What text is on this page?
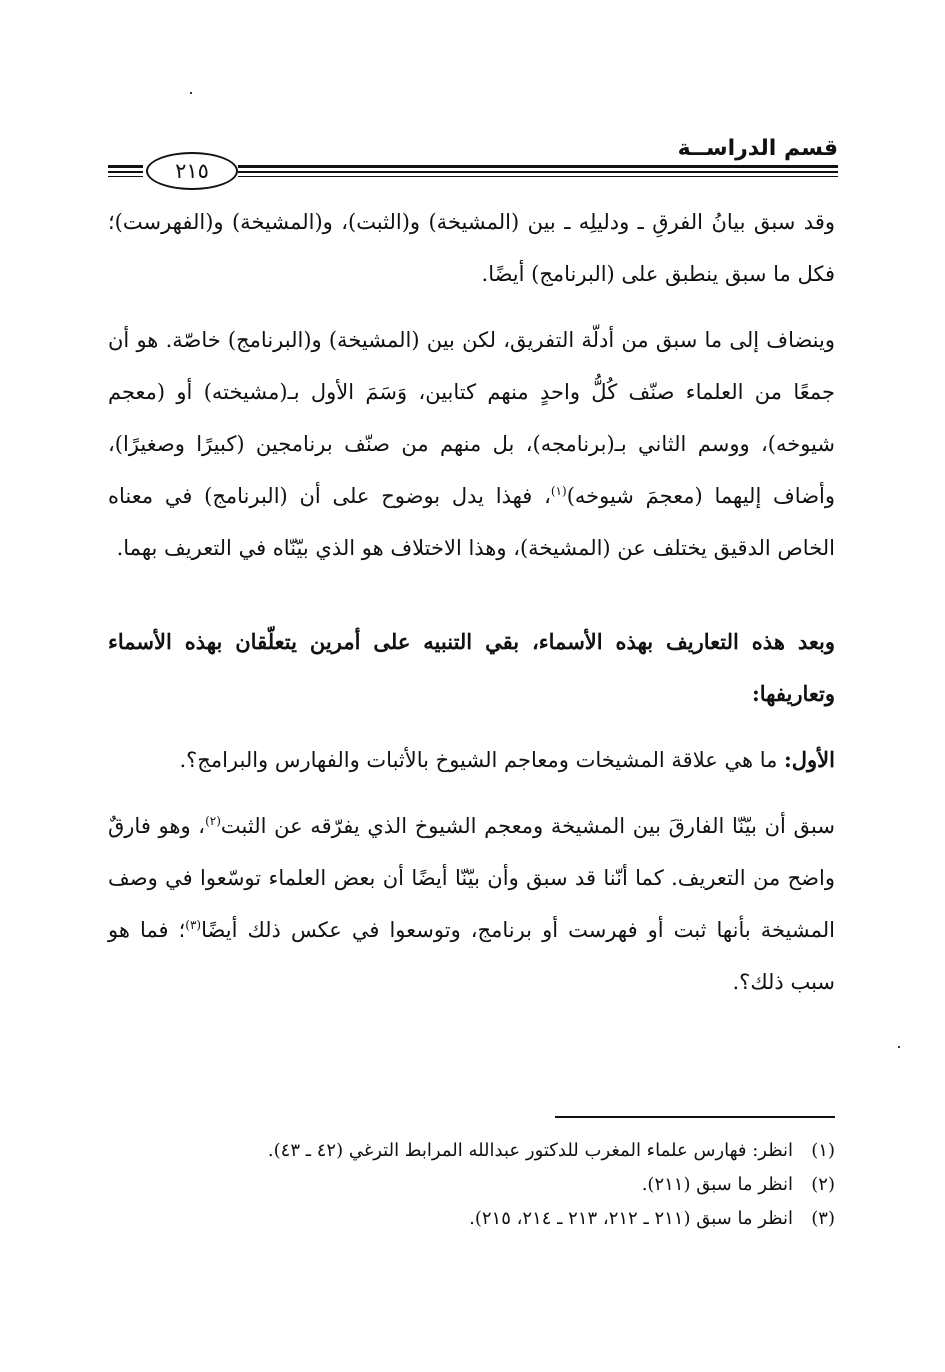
قسم الدراســة
٢١٥

وقد سبق بيانُ الفرقِ ـ ودليلِه ـ بين (المشيخة) و(الثبت)، و(المشيخة) و(الفهرست)؛ فكل ما سبق ينطبق على (البرنامج) أيضًا.

وينضاف إلى ما سبق من أدلّة التفريق، لكن بين (المشيخة) و(البرنامج) خاصّة. هو أن جمعًا من العلماء صنّف كُلُّ واحدٍ منهم كتابين، وَسَمَ الأول بـ(مشيخته) أو (معجم شيوخه)، ووسم الثاني بـ(برنامجه)، بل منهم من صنّف برنامجين (كبيرًا وصغيرًا)، وأضاف إليهما (معجمَ شيوخه)$^{(١)}$، فهذا يدل بوضوح على أن (البرنامج) في معناه الخاص الدقيق يختلف عن (المشيخة)، وهذا الاختلاف هو الذي بيّنّاه في التعريف بهما.

وبعد هذه التعاريف بهذه الأسماء، بقي التنبيه على أمرين يتعلّقان بهذه الأسماء وتعاريفها:

الأول: ما هي علاقة المشيخات ومعاجم الشيوخ بالأثبات والفهارس والبرامج؟.

سبق أن بيّنّا الفارقَ بين المشيخة ومعجم الشيوخ الذي يفرّقه عن الثبت$^{(٢)}$، وهو فارقٌ واضح من التعريف. كما أنّنا قد سبق وأن بيّنّا أيضًا أن بعض العلماء توسّعوا في وصف المشيخة بأنها ثبت أو فهرست أو برنامج، وتوسعوا في عكس ذلك أيضًا$^{(٣)}$؛ فما هو سبب ذلك؟.

(١)انظر: فهارس علماء المغرب للدكتور عبدالله المرابط الترغي (٤٢ ـ ٤٣).
(٢)انظر ما سبق (٢١١).
(٣)انظر ما سبق (٢١١ ـ ٢١٢، ٢١٣ ـ ٢١٤، ٢١٥).
